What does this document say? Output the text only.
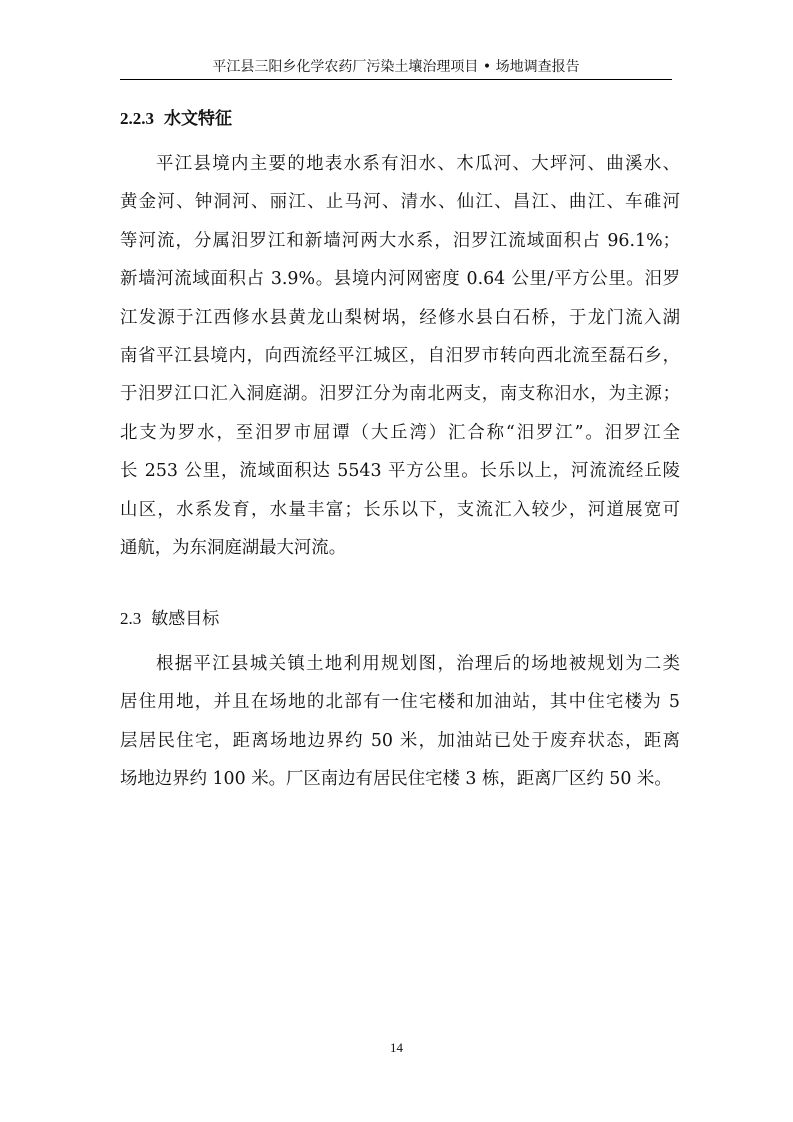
平江县三阳乡化学农药厂污染土壤治理项目 • 场地调查报告
2.2.3 水文特征
平江县境内主要的地表水系有汨水、木瓜河、大坪河、曲溪水、
黄金河、钟洞河、丽江、止马河、清水、仙江、昌江、曲江、车碓河
等河流，分属汨罗江和新墙河两大水系，汨罗江流域面积占 96.1%；
新墙河流域面积占 3.9%。县境内河网密度 0.64 公里/平方公里。汨罗
江发源于江西修水县黄龙山梨树埚，经修水县白石桥，于龙门流入湖
南省平江县境内，向西流经平江城区，自汨罗市转向西北流至磊石乡，
于汨罗江口汇入洞庭湖。汨罗江分为南北两支，南支称汨水，为主源；
北支为罗水，至汨罗市屈谭（大丘湾）汇合称“汨罗江”。汨罗江全
长 253 公里，流域面积达 5543 平方公里。长乐以上，河流流经丘陵
山区，水系发育，水量丰富；长乐以下，支流汇入较少，河道展宽可
通航，为东洞庭湖最大河流。
2.3 敏感目标
根据平江县城关镇土地利用规划图，治理后的场地被规划为二类
居住用地，并且在场地的北部有一住宅楼和加油站，其中住宅楼为 5
层居民住宅，距离场地边界约 50 米，加油站已处于废弃状态，距离
场地边界约 100 米。厂区南边有居民住宅楼 3 栋，距离厂区约 50 米。
14
